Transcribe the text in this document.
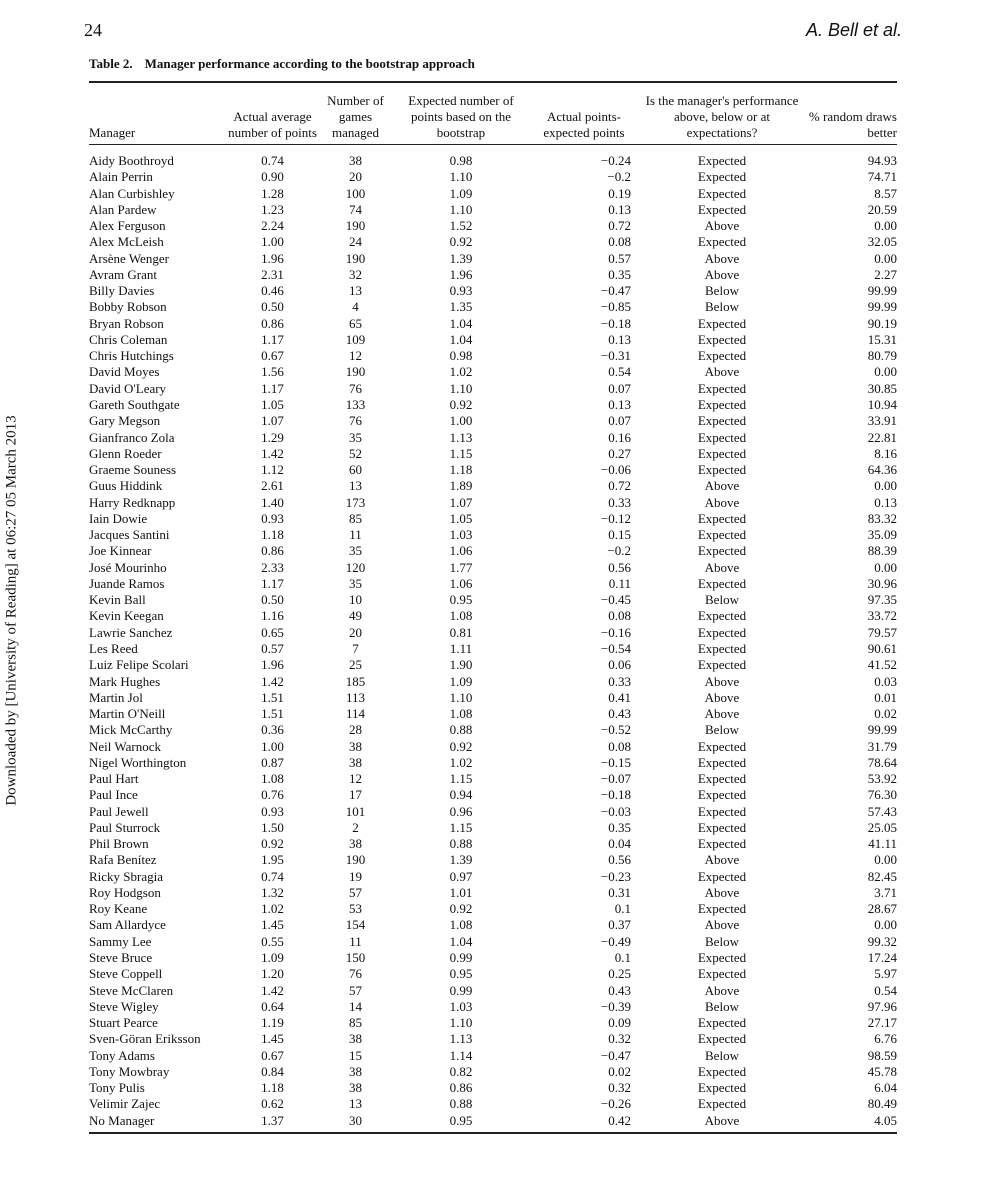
24	A. Bell et al.
Downloaded by [University of Reading] at 06:27 05 March 2013
Table 2. Manager performance according to the bootstrap approach
Manager	Actual average number of points	Number of games managed	Expected number of points based on the bootstrap	Actual points-expected points	Is the manager's performance above, below or at expectations?	% random draws better
Aidy Boothroyd	0.74	38	0.98	−0.24	Expected	94.93
Alain Perrin	0.90	20	1.10	−0.2	Expected	74.71
Alan Curbishley	1.28	100	1.09	0.19	Expected	8.57
Alan Pardew	1.23	74	1.10	0.13	Expected	20.59
Alex Ferguson	2.24	190	1.52	0.72	Above	0.00
Alex McLeish	1.00	24	0.92	0.08	Expected	32.05
Arsène Wenger	1.96	190	1.39	0.57	Above	0.00
Avram Grant	2.31	32	1.96	0.35	Above	2.27
Billy Davies	0.46	13	0.93	−0.47	Below	99.99
Bobby Robson	0.50	4	1.35	−0.85	Below	99.99
Bryan Robson	0.86	65	1.04	−0.18	Expected	90.19
Chris Coleman	1.17	109	1.04	0.13	Expected	15.31
Chris Hutchings	0.67	12	0.98	−0.31	Expected	80.79
David Moyes	1.56	190	1.02	0.54	Above	0.00
David O'Leary	1.17	76	1.10	0.07	Expected	30.85
Gareth Southgate	1.05	133	0.92	0.13	Expected	10.94
Gary Megson	1.07	76	1.00	0.07	Expected	33.91
Gianfranco Zola	1.29	35	1.13	0.16	Expected	22.81
Glenn Roeder	1.42	52	1.15	0.27	Expected	8.16
Graeme Souness	1.12	60	1.18	−0.06	Expected	64.36
Guus Hiddink	2.61	13	1.89	0.72	Above	0.00
Harry Redknapp	1.40	173	1.07	0.33	Above	0.13
Iain Dowie	0.93	85	1.05	−0.12	Expected	83.32
Jacques Santini	1.18	11	1.03	0.15	Expected	35.09
Joe Kinnear	0.86	35	1.06	−0.2	Expected	88.39
José Mourinho	2.33	120	1.77	0.56	Above	0.00
Juande Ramos	1.17	35	1.06	0.11	Expected	30.96
Kevin Ball	0.50	10	0.95	−0.45	Below	97.35
Kevin Keegan	1.16	49	1.08	0.08	Expected	33.72
Lawrie Sanchez	0.65	20	0.81	−0.16	Expected	79.57
Les Reed	0.57	7	1.11	−0.54	Expected	90.61
Luiz Felipe Scolari	1.96	25	1.90	0.06	Expected	41.52
Mark Hughes	1.42	185	1.09	0.33	Above	0.03
Martin Jol	1.51	113	1.10	0.41	Above	0.01
Martin O'Neill	1.51	114	1.08	0.43	Above	0.02
Mick McCarthy	0.36	28	0.88	−0.52	Below	99.99
Neil Warnock	1.00	38	0.92	0.08	Expected	31.79
Nigel Worthington	0.87	38	1.02	−0.15	Expected	78.64
Paul Hart	1.08	12	1.15	−0.07	Expected	53.92
Paul Ince	0.76	17	0.94	−0.18	Expected	76.30
Paul Jewell	0.93	101	0.96	−0.03	Expected	57.43
Paul Sturrock	1.50	2	1.15	0.35	Expected	25.05
Phil Brown	0.92	38	0.88	0.04	Expected	41.11
Rafa Benítez	1.95	190	1.39	0.56	Above	0.00
Ricky Sbragia	0.74	19	0.97	−0.23	Expected	82.45
Roy Hodgson	1.32	57	1.01	0.31	Above	3.71
Roy Keane	1.02	53	0.92	0.1	Expected	28.67
Sam Allardyce	1.45	154	1.08	0.37	Above	0.00
Sammy Lee	0.55	11	1.04	−0.49	Below	99.32
Steve Bruce	1.09	150	0.99	0.1	Expected	17.24
Steve Coppell	1.20	76	0.95	0.25	Expected	5.97
Steve McClaren	1.42	57	0.99	0.43	Above	0.54
Steve Wigley	0.64	14	1.03	−0.39	Below	97.96
Stuart Pearce	1.19	85	1.10	0.09	Expected	27.17
Sven-Göran Eriksson	1.45	38	1.13	0.32	Expected	6.76
Tony Adams	0.67	15	1.14	−0.47	Below	98.59
Tony Mowbray	0.84	38	0.82	0.02	Expected	45.78
Tony Pulis	1.18	38	0.86	0.32	Expected	6.04
Velimir Zajec	0.62	13	0.88	−0.26	Expected	80.49
No Manager	1.37	30	0.95	0.42	Above	4.05
